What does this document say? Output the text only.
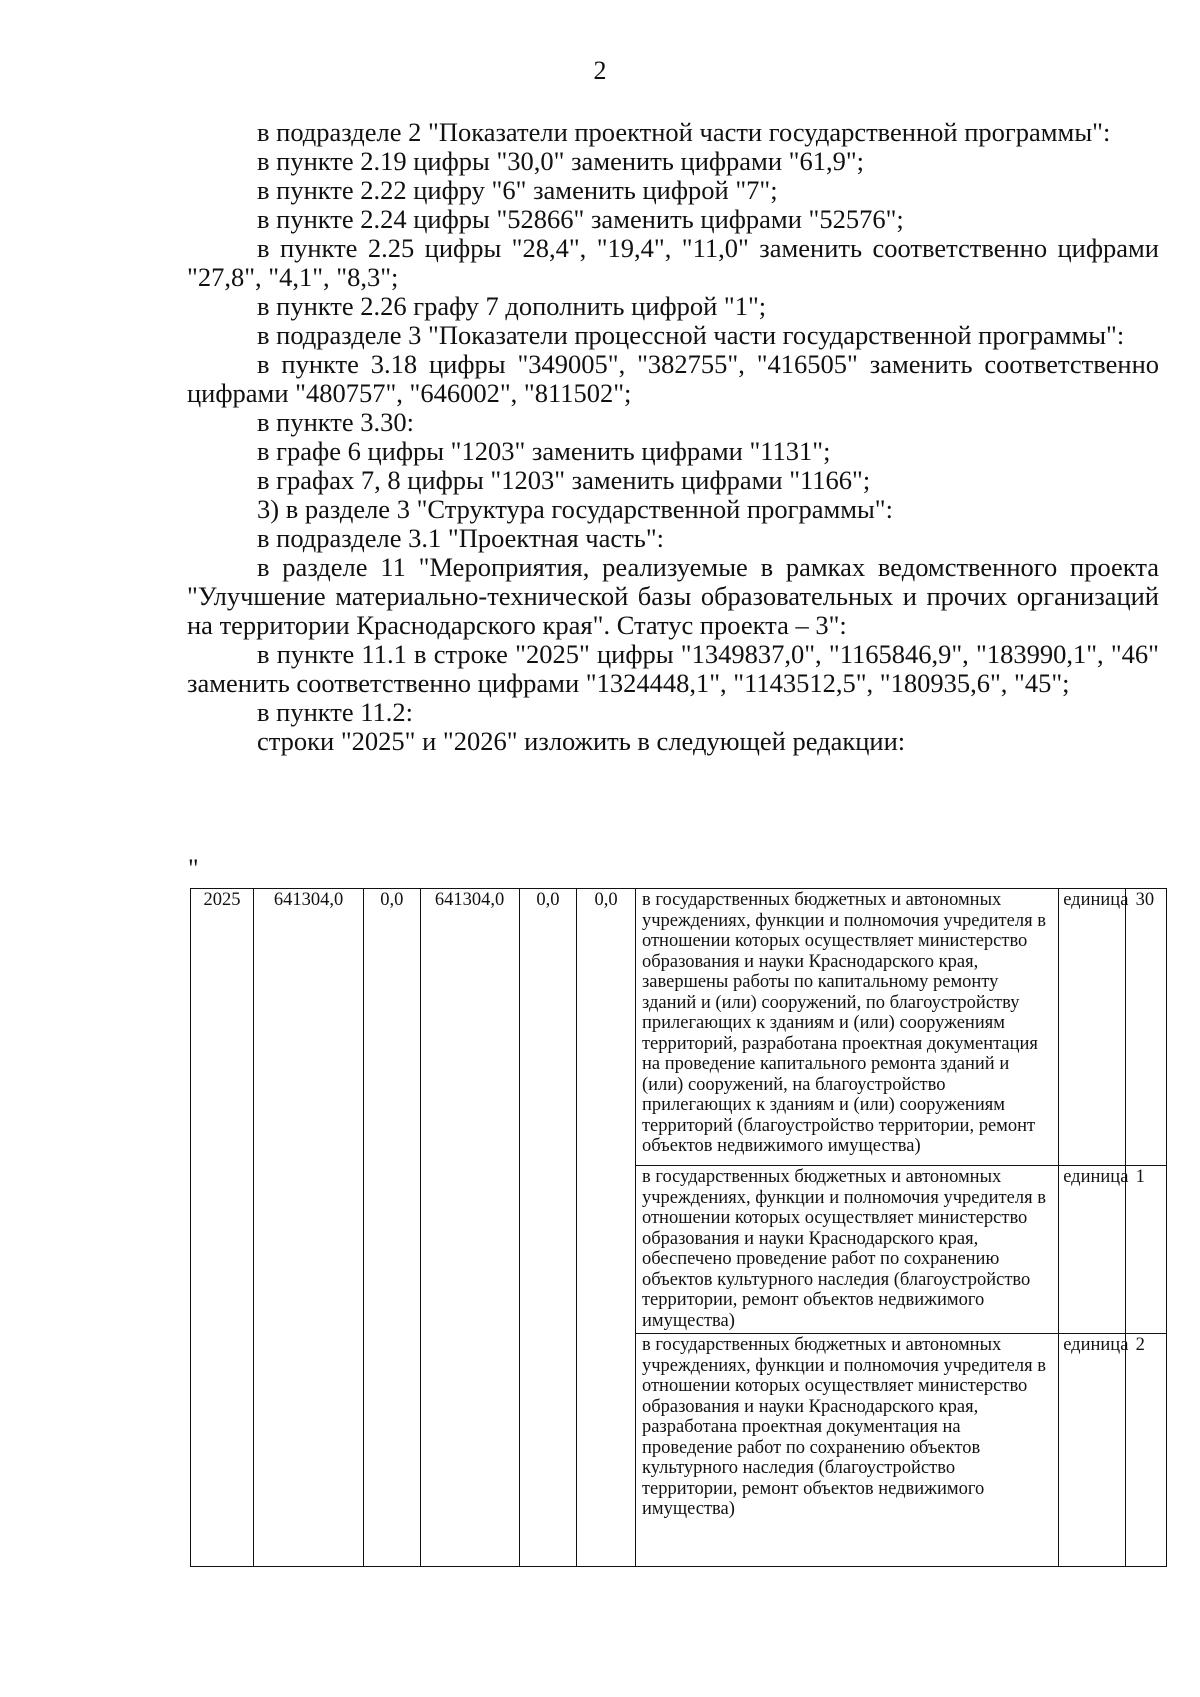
2

в подразделе 2 "Показатели проектной части государственной программы":

в пункте 2.19 цифры "30,0" заменить цифрами "61,9";

в пункте 2.22 цифру "6" заменить цифрой "7";

в пункте 2.24 цифры "52866" заменить цифрами "52576";

в пункте 2.25 цифры "28,4", "19,4", "11,0" заменить соответственно цифрами "27,8", "4,1", "8,3";

в пункте 2.26 графу 7 дополнить цифрой "1";

в подразделе 3 "Показатели процессной части государственной программы":

в пункте 3.18 цифры "349005", "382755", "416505" заменить соответственно цифрами "480757", "646002", "811502";

в пункте 3.30:

в графе 6 цифры "1203" заменить цифрами "1131";

в графах 7, 8 цифры "1203" заменить цифрами "1166";

3) в разделе 3 "Структура государственной программы":

в подразделе 3.1 "Проектная часть":

в разделе 11 "Мероприятия, реализуемые в рамках ведомственного проекта "Улучшение материально-технической базы образовательных и прочих организаций на территории Краснодарского края". Статус проекта – 3":

в пункте 11.1 в строке "2025" цифры "1349837,0", "1165846,9", "183990,1", "46" заменить соответственно цифрами "1324448,1", "1143512,5", "180935,6", "45";

в пункте 11.2:

строки "2025" и "2026" изложить в следующей редакции:

"
2025	641304,0	0,0	641304,0	0,0	0,0	в государственных бюджетных и автономных учреждениях, функции и полномочия учредителя в отношении которых осуществляет министерство образования и науки Краснодарского края, завершены работы по капитальному ремонту зданий и (или) сооружений, по благоустройству прилегающих к зданиям и (или) сооружениям территорий, разработана проектная документация на проведение капитального ремонта зданий и (или) сооружений, на благоустройство прилегающих к зданиям и (или) сооружениям территорий (благоустройство территории, ремонт объектов недвижимого имущества)	единица	30
						в государственных бюджетных и автономных учреждениях, функции и полномочия учредителя в отношении которых осуществляет министерство образования и науки Краснодарского края, обеспечено проведение работ по сохранению объектов культурного наследия (благоустройство территории, ремонт объектов недвижимого имущества)	единица	1
						в государственных бюджетных и автономных учреждениях, функции и полномочия учредителя в отношении которых осуществляет министерство образования и науки Краснодарского края, разработана проектная документация на проведение работ по сохранению объектов культурного наследия (благоустройство территории, ремонт объектов недвижимого имущества)	единица	2
